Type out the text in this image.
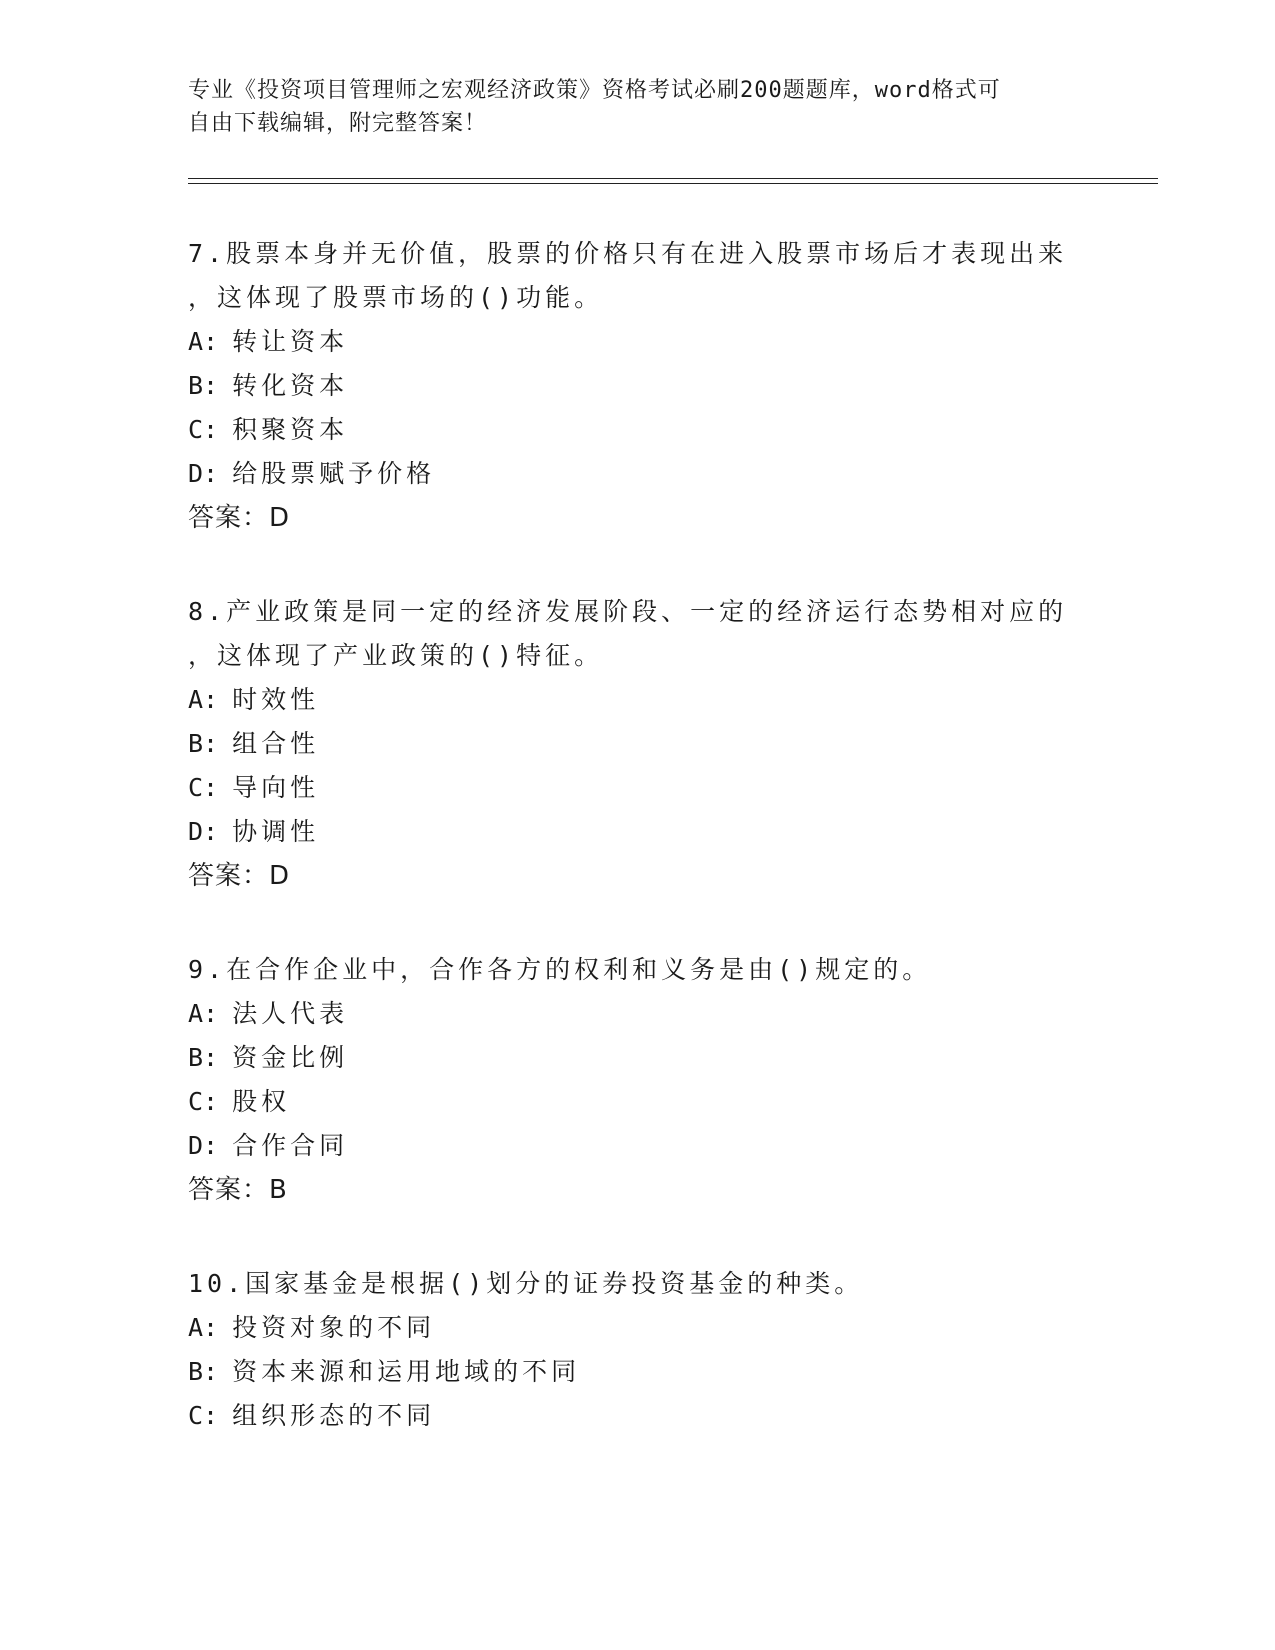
专业《投资项目管理师之宏观经济政策》资格考试必刷200题题库，word格式可
自由下载编辑，附完整答案！
7.股票本身并无价值，股票的价格只有在进入股票市场后才表现出来
，这体现了股票市场的()功能。
A: 转让资本
B: 转化资本
C: 积聚资本
D: 给股票赋予价格
答案：D
8.产业政策是同一定的经济发展阶段、一定的经济运行态势相对应的
，这体现了产业政策的()特征。
A: 时效性
B: 组合性
C: 导向性
D: 协调性
答案：D
9.在合作企业中，合作各方的权利和义务是由()规定的。
A: 法人代表
B: 资金比例
C: 股权
D: 合作合同
答案：B
10.国家基金是根据()划分的证券投资基金的种类。
A: 投资对象的不同
B: 资本来源和运用地域的不同
C: 组织形态的不同
